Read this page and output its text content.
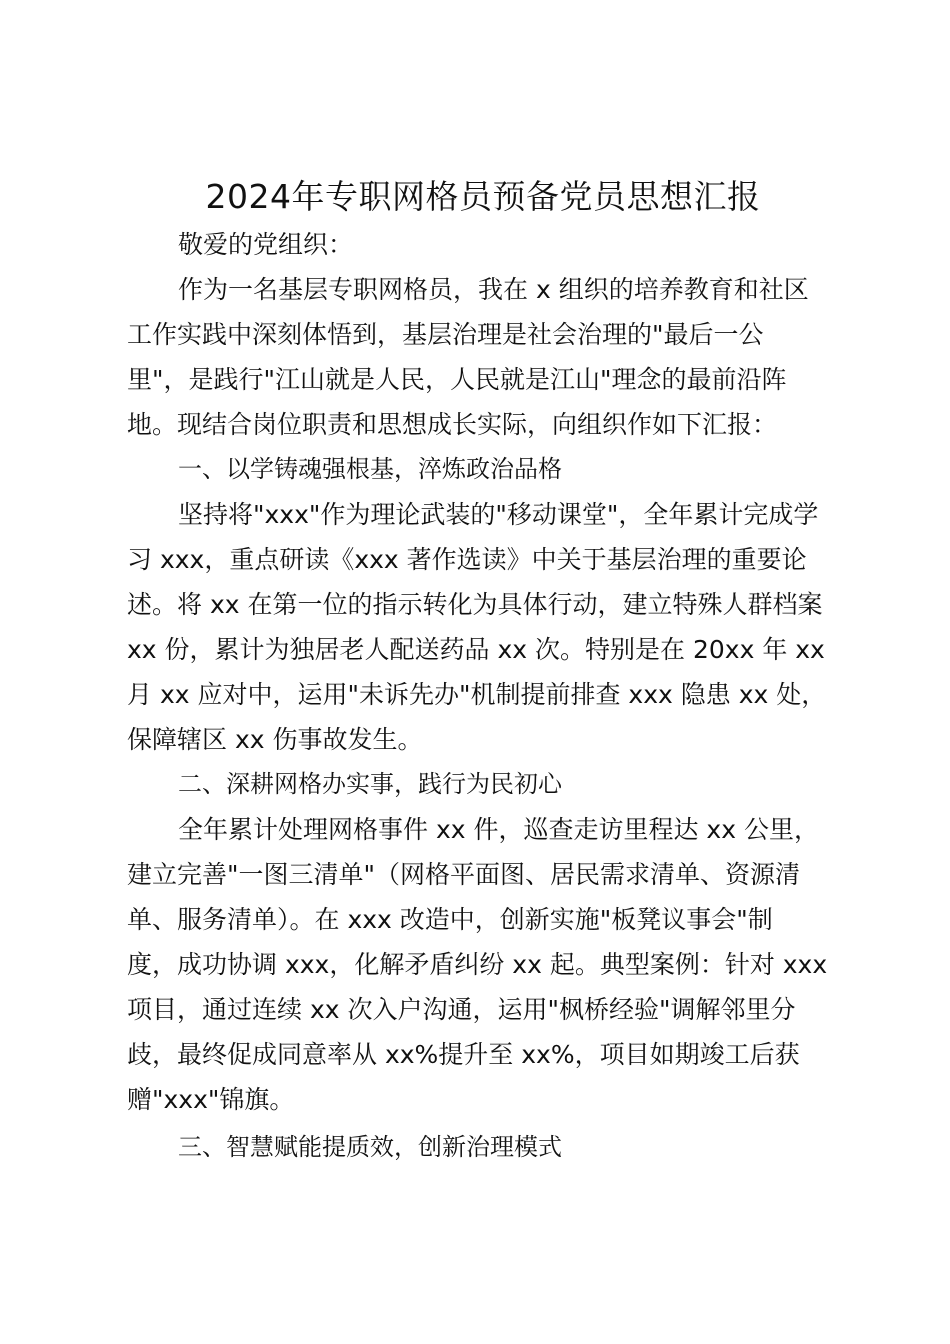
2024年专职网格员预备党员思想汇报
敬爱的党组织：
作为一名基层专职网格员，我在 x 组织的培养教育和社区
工作实践中深刻体悟到，基层治理是社会治理的"最后一公
里"，是践行"江山就是人民，人民就是江山"理念的最前沿阵
地。现结合岗位职责和思想成长实际，向组织作如下汇报：
一、以学铸魂强根基，淬炼政治品格
坚持将"xxx"作为理论武装的"移动课堂"，全年累计完成学
习 xxx，重点研读《xxx 著作选读》中关于基层治理的重要论
述。将 xx 在第一位的指示转化为具体行动，建立特殊人群档案
xx 份，累计为独居老人配送药品 xx 次。特别是在 20xx 年 xx
月 xx 应对中，运用"未诉先办"机制提前排查 xxx 隐患 xx 处，
保障辖区 xx 伤事故发生。
二、深耕网格办实事，践行为民初心
全年累计处理网格事件 xx 件，巡查走访里程达 xx 公里，
建立完善"一图三清单"（网格平面图、居民需求清单、资源清
单、服务清单）。在 xxx 改造中，创新实施"板凳议事会"制
度，成功协调 xxx，化解矛盾纠纷 xx 起。典型案例：针对 xxx
项目，通过连续 xx 次入户沟通，运用"枫桥经验"调解邻里分
歧，最终促成同意率从 xx%提升至 xx%，项目如期竣工后获
赠"xxx"锦旗。
三、智慧赋能提质效，创新治理模式
